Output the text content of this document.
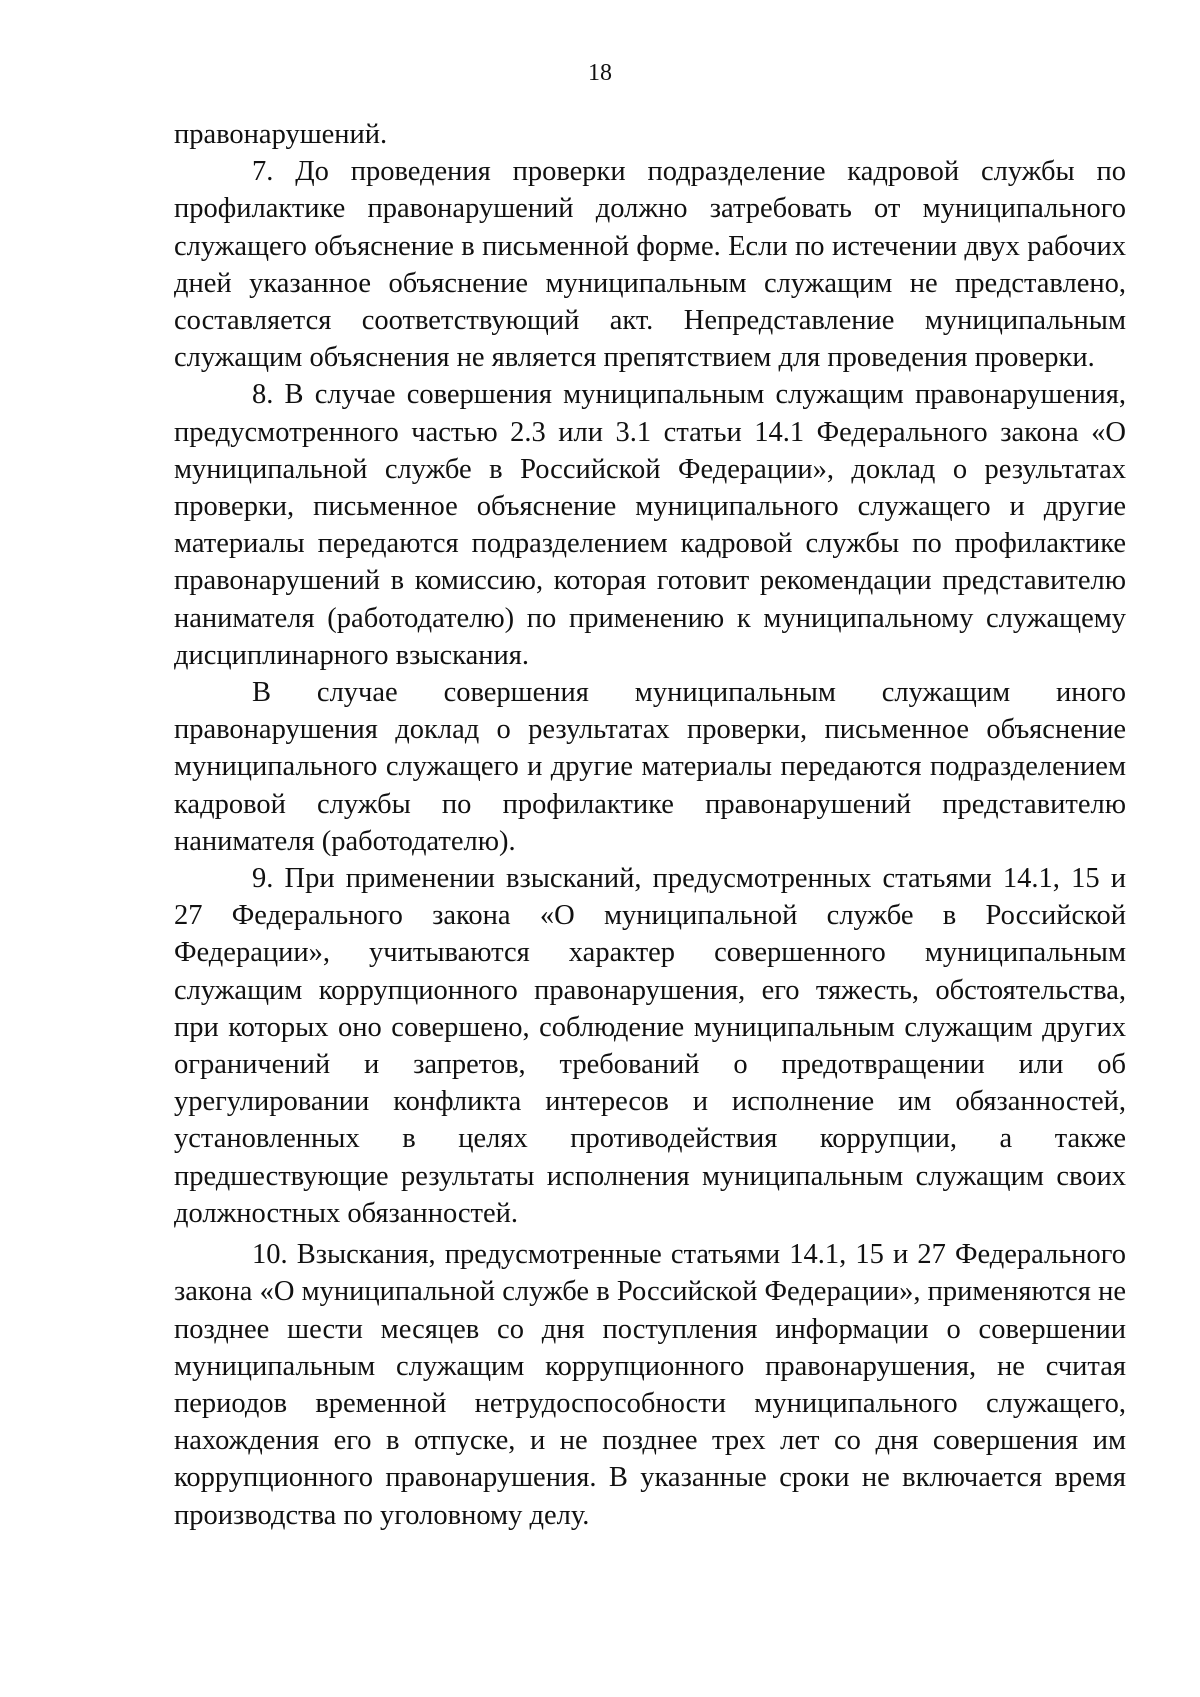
18

правонарушений.

7. До проведения проверки подразделение кадровой службы по профилактике правонарушений должно затребовать от муниципального служащего объяснение в письменной форме. Если по истечении двух рабочих дней указанное объяснение муниципальным служащим не представлено, составляется соответствующий акт. Непредставление муниципальным служащим объяснения не является препятствием для проведения проверки.

8. В случае совершения муниципальным служащим правонарушения, предусмотренного частью 2.3 или 3.1 статьи 14.1 Федерального закона «О муниципальной службе в Российской Федерации», доклад о результатах проверки, письменное объяснение муниципального служащего и другие материалы передаются подразделением кадровой службы по профилактике правонарушений в комиссию, которая готовит рекомендации представителю нанимателя (работодателю) по применению к муниципальному служащему дисциплинарного взыскания.

В случае совершения муниципальным служащим иного правонарушения доклад о результатах проверки, письменное объяснение муниципального служащего и другие материалы передаются подразделением кадровой службы по профилактике правонарушений представителю нанимателя (работодателю).

9. При применении взысканий, предусмотренных статьями 14.1, 15 и 27 Федерального закона «О муниципальной службе в Российской Федерации», учитываются характер совершенного муниципальным служащим коррупционного правонарушения, его тяжесть, обстоятельства, при которых оно совершено, соблюдение муниципальным служащим других ограничений и запретов, требований о предотвращении или об урегулировании конфликта интересов и исполнение им обязанностей, установленных в целях противодействия коррупции, а также предшествующие результаты исполнения муниципальным служащим своих должностных обязанностей.

10. Взыскания, предусмотренные статьями 14.1, 15 и 27 Федерального закона «О муниципальной службе в Российской Федерации», применяются не позднее шести месяцев со дня поступления информации о совершении муниципальным служащим коррупционного правонарушения, не считая периодов временной нетрудоспособности муниципального служащего, нахождения его в отпуске, и не позднее трех лет со дня совершения им коррупционного правонарушения. В указанные сроки не включается время производства по уголовному делу.
